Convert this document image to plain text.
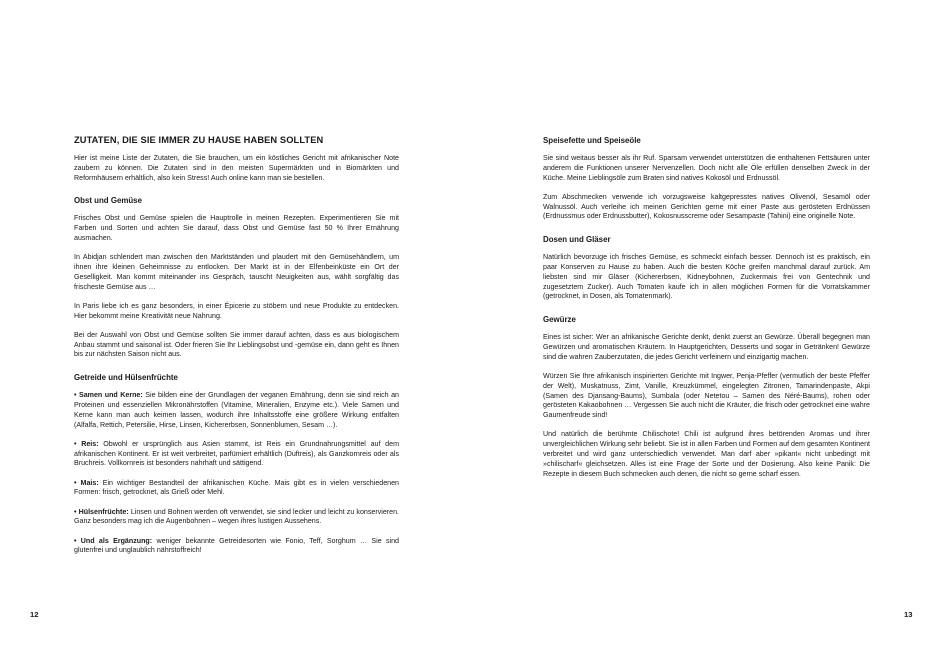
ZUTATEN, DIE SIE IMMER ZU HAUSE HABEN SOLLTEN

Hier ist meine Liste der Zutaten, die Sie brauchen, um ein köstliches Gericht mit afrikanischer Note zaubern zu können. Die Zutaten sind in den meisten Supermärkten und in Biomärkten und Reformhäusern erhältlich, also kein Stress! Auch online kann man sie bestellen.

Obst und Gemüse

Frisches Obst und Gemüse spielen die Hauptrolle in meinen Rezepten. Experimentieren Sie mit Farben und Sorten und achten Sie darauf, dass Obst und Gemüse fast 50 % Ihrer Ernährung ausmachen.

In Abidjan schlendert man zwischen den Marktständen und plaudert mit den Gemüsehändlern, um ihnen ihre kleinen Geheimnisse zu entlocken. Der Markt ist in der Elfenbeinküste ein Ort der Geselligkeit. Man kommt miteinander ins Gespräch, tauscht Neuigkeiten aus, wählt sorgfältig das frischeste Gemüse aus …

In Paris liebe ich es ganz besonders, in einer Épicerie zu stöbern und neue Produkte zu entdecken. Hier bekommt meine Kreativität neue Nahrung.

Bei der Auswahl von Obst und Gemüse sollten Sie immer darauf achten, dass es aus biologischem Anbau stammt und saisonal ist. Oder frieren Sie Ihr Lieblingsobst und -gemüse ein, dann geht es Ihnen bis zur nächsten Saison nicht aus.

Getreide und Hülsenfrüchte

• Samen und Kerne: Sie bilden eine der Grundlagen der veganen Ernährung, denn sie sind reich an Proteinen und essenziellen Mikronährstoffen (Vitamine, Mineralien, Enzyme etc.). Viele Samen und Kerne kann man auch keimen lassen, wodurch ihre Inhaltsstoffe eine größere Wirkung entfalten (Alfalfa, Rettich, Petersilie, Hirse, Linsen, Kichererbsen, Sonnenblumen, Sesam …).

• Reis: Obwohl er ursprünglich aus Asien stammt, ist Reis ein Grundnahrungsmittel auf dem afrikanischen Kontinent. Er ist weit verbreitet, parfümiert erhältlich (Duftreis), als Ganzkornreis oder als Bruchreis. Vollkornreis ist besonders nahrhaft und sättigend.

• Mais: Ein wichtiger Bestandteil der afrikanischen Küche. Mais gibt es in vielen verschiedenen Formen: frisch, getrocknet, als Grieß oder Mehl.

• Hülsenfrüchte: Linsen und Bohnen werden oft verwendet, sie sind lecker und leicht zu konservieren. Ganz besonders mag ich die Augenbohnen – wegen ihres lustigen Aussehens.

• Und als Ergänzung: weniger bekannte Getreidesorten wie Fonio, Teff, Sorghum … Sie sind glutenfrei und unglaublich nährstoffreich!

12
Speisefette und Speiseöle

Sie sind weitaus besser als ihr Ruf. Sparsam verwendet unterstützen die enthaltenen Fettsäuren unter anderem die Funktionen unserer Nervenzellen. Doch nicht alle Öle erfüllen denselben Zweck in der Küche. Meine Lieblingsöle zum Braten sind natives Kokosöl und Erdnussöl.

Zum Abschmecken verwende ich vorzugsweise kaltgepresstes natives Olivenöl, Sesamöl oder Walnussöl. Auch verleihe ich meinen Gerichten gerne mit einer Paste aus gerösteten Erdnüssen (Erdnussmus oder Erdnussbutter), Kokosnusscreme oder Sesampaste (Tahini) eine originelle Note.

Dosen und Gläser

Natürlich bevorzuge ich frisches Gemüse, es schmeckt einfach besser. Dennoch ist es praktisch, ein paar Konserven zu Hause zu haben. Auch die besten Köche greifen manchmal darauf zurück. Am liebsten sind mir Gläser (Kichererbsen, Kidneybohnen, Zuckermais frei von Gentechnik und zugesetztem Zucker). Auch Tomaten kaufe ich in allen möglichen Formen für die Vorratskammer (getrocknet, in Dosen, als Tomatenmark).

Gewürze

Eines ist sicher: Wer an afrikanische Gerichte denkt, denkt zuerst an Gewürze. Überall begegnen man Gewürzen und aromatischen Kräutern. In Hauptgerichten, Desserts und sogar in Getränken! Gewürze sind die wahren Zauberzutaten, die jedes Gericht verfeinern und einzigartig machen.

Würzen Sie Ihre afrikanisch inspirierten Gerichte mit Ingwer, Penja-Pfeffer (vermutlich der beste Pfeffer der Welt), Muskatnuss, Zimt, Vanille, Kreuzkümmel, eingelegten Zitronen, Tamarindenpaste, Akpi (Samen des Djansang-Baums), Sumbala (oder Netetou – Samen des Néré-Baums), rohen oder gerösteten Kakaobohnen … Vergessen Sie auch nicht die Kräuter, die frisch oder getrocknet eine wahre Gaumenfreude sind!

Und natürlich die berühmte Chilischote! Chili ist aufgrund ihres betörenden Aromas und ihrer unvergleichlichen Wirkung sehr beliebt. Sie ist in allen Farben und Formen auf dem gesamten Kontinent verbreitet und wird ganz unterschiedlich verwendet. Man darf aber »pikant« nicht unbedingt mit »chilischarf« gleichsetzen. Alles ist eine Frage der Sorte und der Dosierung. Also keine Panik: Die Rezepte in diesem Buch schmecken auch denen, die nicht so gerne scharf essen.

13
